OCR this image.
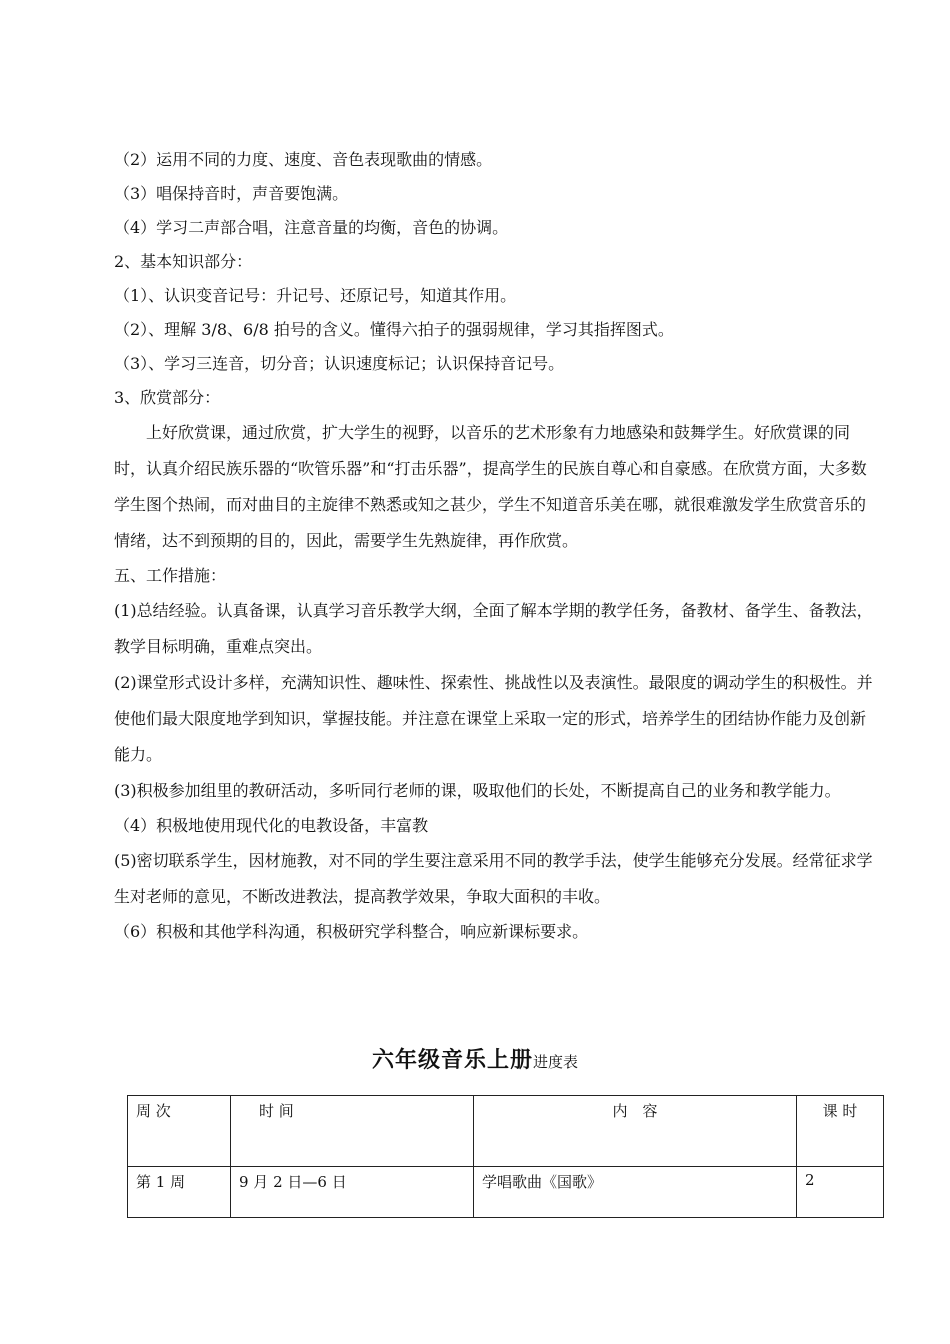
（2）运用不同的力度、速度、音色表现歌曲的情感。

（3）唱保持音时，声音要饱满。

（4）学习二声部合唱，注意音量的均衡，音色的协调。

2、基本知识部分：

（1）、认识变音记号：升记号、还原记号，知道其作用。

（2）、理解 3/8、6/8 拍号的含义。懂得六拍子的强弱规律，学习其指挥图式。

（3）、学习三连音，切分音；认识速度标记；认识保持音记号。

3、欣赏部分：

上好欣赏课，通过欣赏，扩大学生的视野，以音乐的艺术形象有力地感染和鼓舞学生。好欣赏课的同时，认真介绍民族乐器的“吹管乐器”和“打击乐器”，提高学生的民族自尊心和自豪感。在欣赏方面，大多数学生图个热闹，而对曲目的主旋律不熟悉或知之甚少，学生不知道音乐美在哪，就很难激发学生欣赏音乐的情绪，达不到预期的目的，因此，需要学生先熟旋律，再作欣赏。

五、工作措施：

(1)总结经验。认真备课，认真学习音乐教学大纲，全面了解本学期的教学任务，备教材、备学生、备教法，教学目标明确，重难点突出。

(2)课堂形式设计多样，充满知识性、趣味性、探索性、挑战性以及表演性。最限度的调动学生的积极性。并使他们最大限度地学到知识，掌握技能。并注意在课堂上采取一定的形式，培养学生的团结协作能力及创新能力。

(3)积极参加组里的教研活动，多听同行老师的课，吸取他们的长处，不断提高自己的业务和教学能力。

（4）积极地使用现代化的电教设备，丰富教

(5)密切联系学生，因材施教，对不同的学生要注意采用不同的教学手法，使学生能够充分发展。经常征求学生对老师的意见，不断改进教法，提高教学效果，争取大面积的丰收。

（6）积极和其他学科沟通，积极研究学科整合，响应新课标要求。

六年级音乐上册进度表
周 次	时 间	内　容	课 时
第 1 周	9 月 2 日—6 日	学唱歌曲《国歌》	2
